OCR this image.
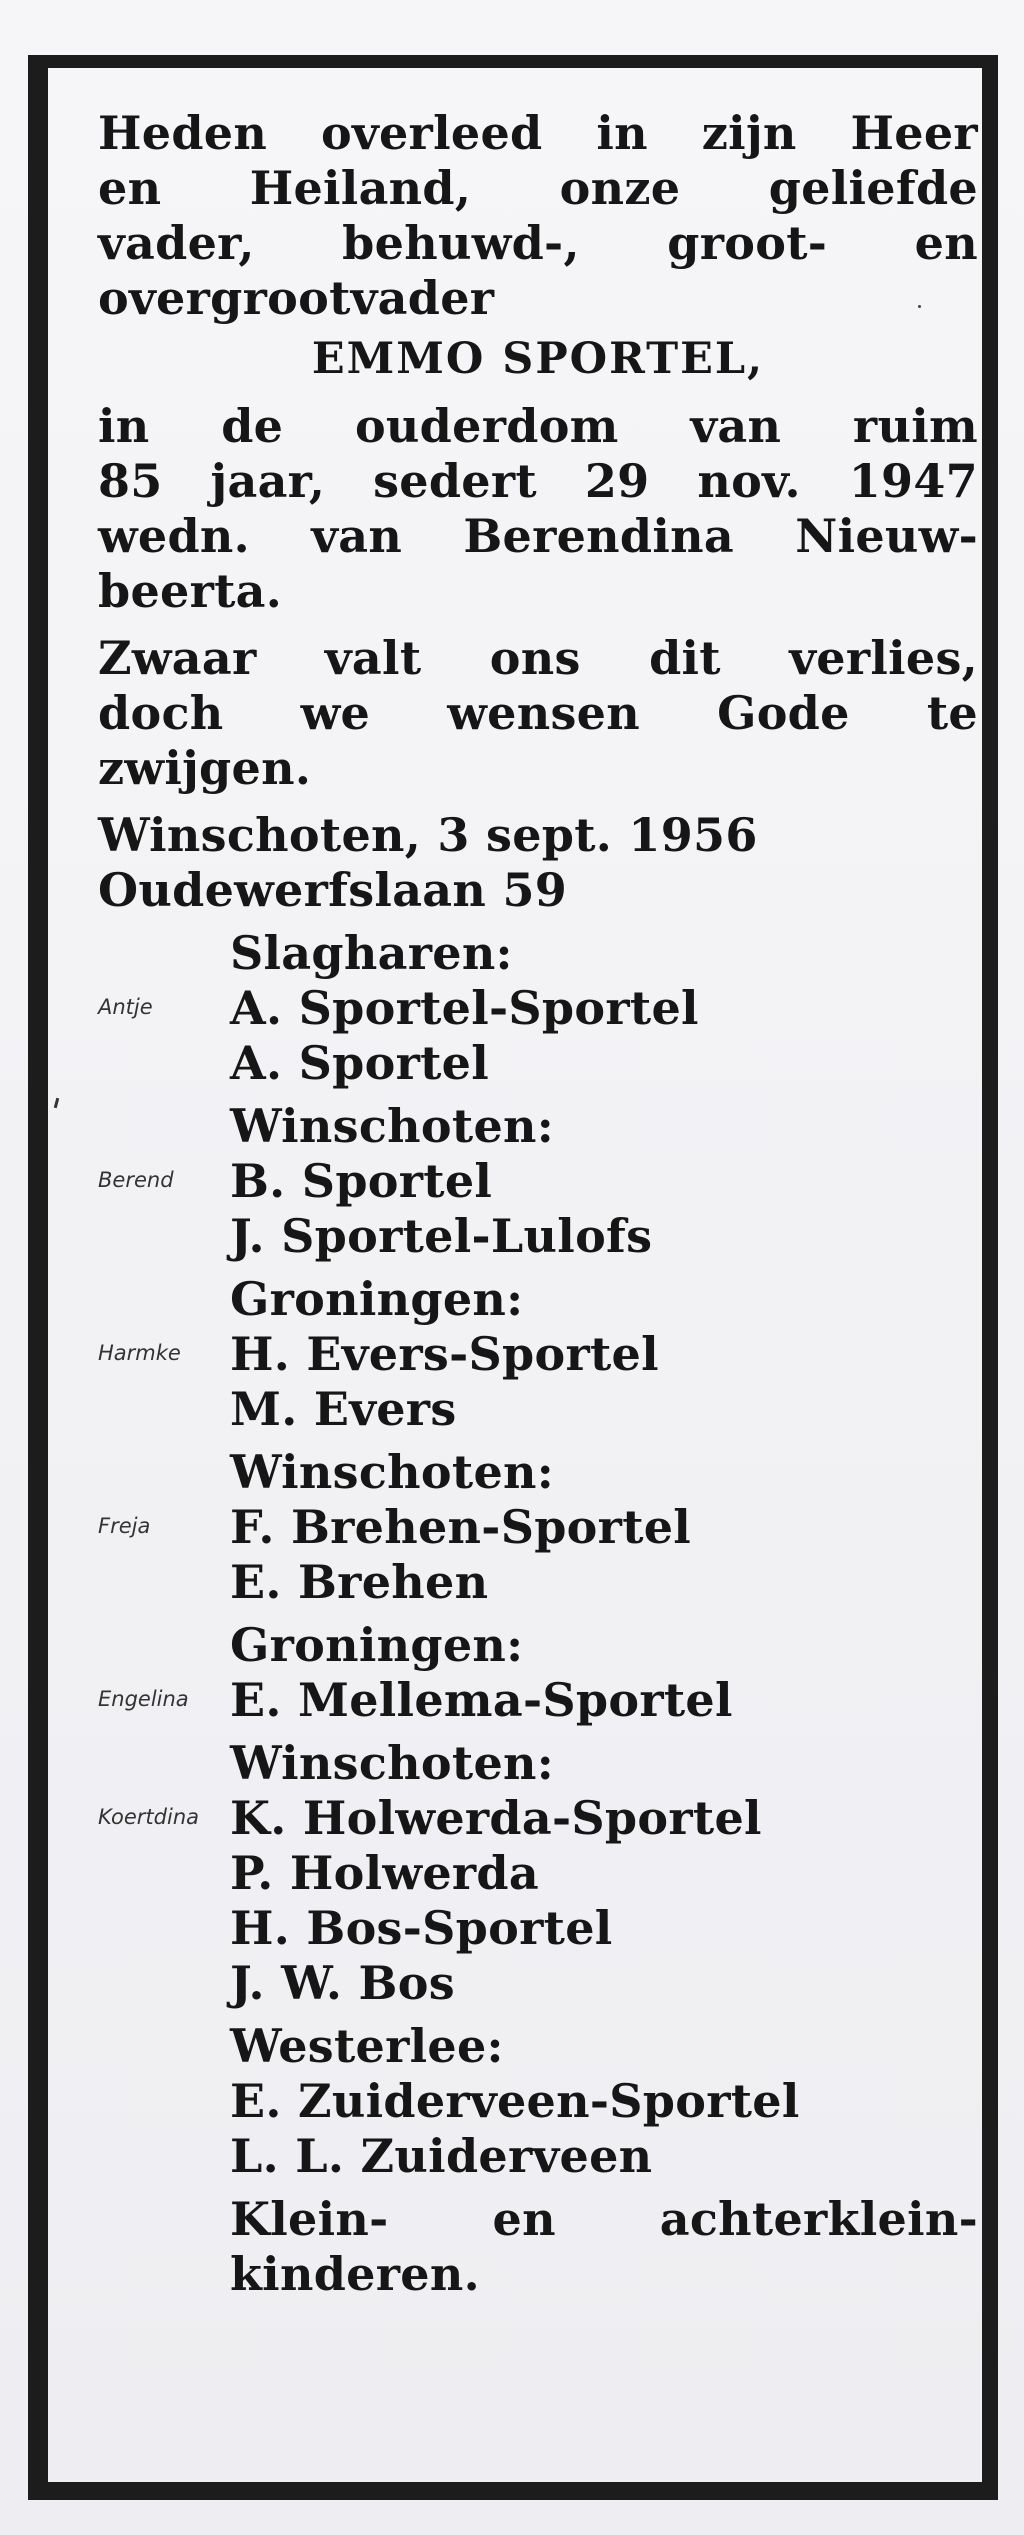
Heden overleed in zijn Heer

en Heiland, onze geliefde

vader, behuwd-, groot- en

overgrootvader

EMMO SPORTEL,

in de ouderdom van ruim

85 jaar, sedert 29 nov. 1947

wedn. van Berendina Nieuw-

beerta.

Zwaar valt ons dit verlies,

doch we wensen Gode te

zwijgen.

Winschoten, 3 sept. 1956

Oudewerfslaan 59

Slagharen:

Antje	A. Sportel-Sportel

A. Sportel

Winschoten:

Berend	B. Sportel

J. Sportel-Lulofs

Groningen:

Harmke	H. Evers-Sportel

M. Evers

Winschoten:

Freja	F. Brehen-Sportel

E. Brehen

Groningen:

Engelina E. Mellema-Sportel

Winschoten:

Koertdina K. Holwerda-Sportel

P. Holwerda

H. Bos-Sportel

J. W. Bos

Westerlee:

E. Zuiderveen-Sportel

L. L. Zuiderveen

Klein- en achterklein-

kinderen.
